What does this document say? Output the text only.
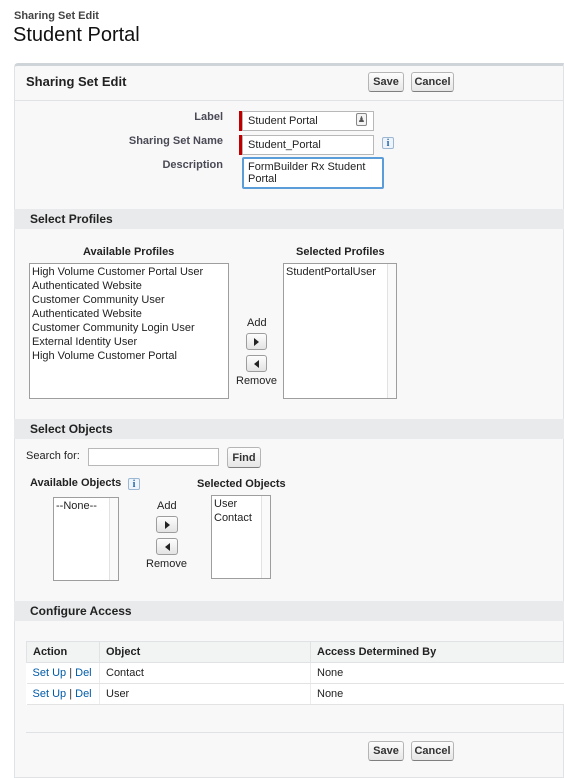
Sharing Set Edit
Student Portal
Sharing Set Edit	Save	Cancel
Label	Student Portal	♟
Sharing Set Name	Student_Portal	i
Description FormBuilder Rx Student
Portal
Select Profiles
Available Profiles	Selected Profiles
High Volume Customer Portal User
Authenticated Website
Customer Community User
Authenticated Website
Customer Community Login User
External Identity User
High Volume Customer Portal
Add
Remove
StudentPortalUser
Select Objects
Search for:	Find
Available Objects	i	Selected Objects
--None--	Add
Remove
User
Contact
Configure Access
Action	Object	Access Determined By
Set Up | Del	Contact	None
Set Up | Del	User	None
Save	Cancel
